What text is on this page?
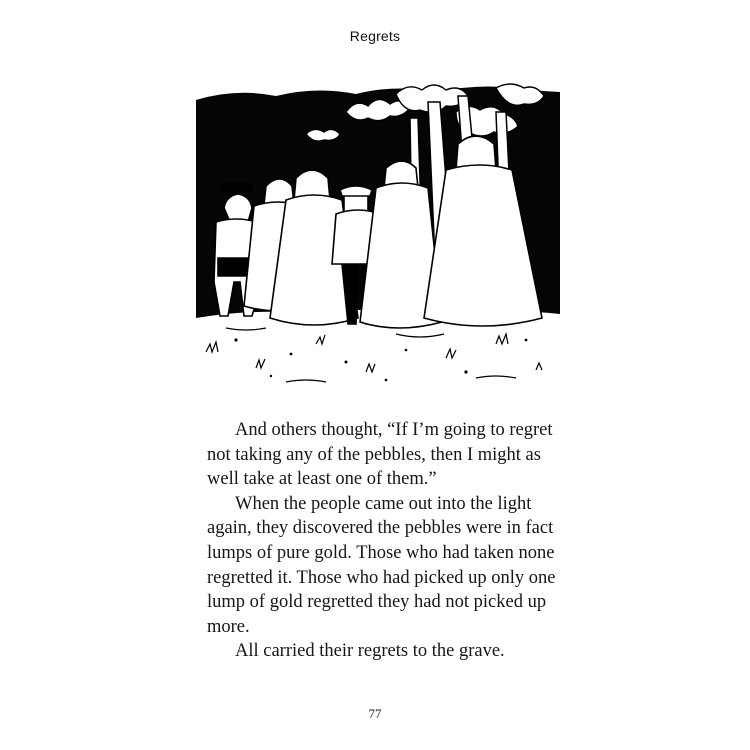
Regrets

And others thought, “If I’m going to regret not taking any of the pebbles, then I might as well take at least one of them.”

When the people came out into the light again, they discovered the pebbles were in fact lumps of pure gold. Those who had taken none regretted it. Those who had picked up only one lump of gold regretted they had not picked up more.

All carried their regrets to the grave.

77
